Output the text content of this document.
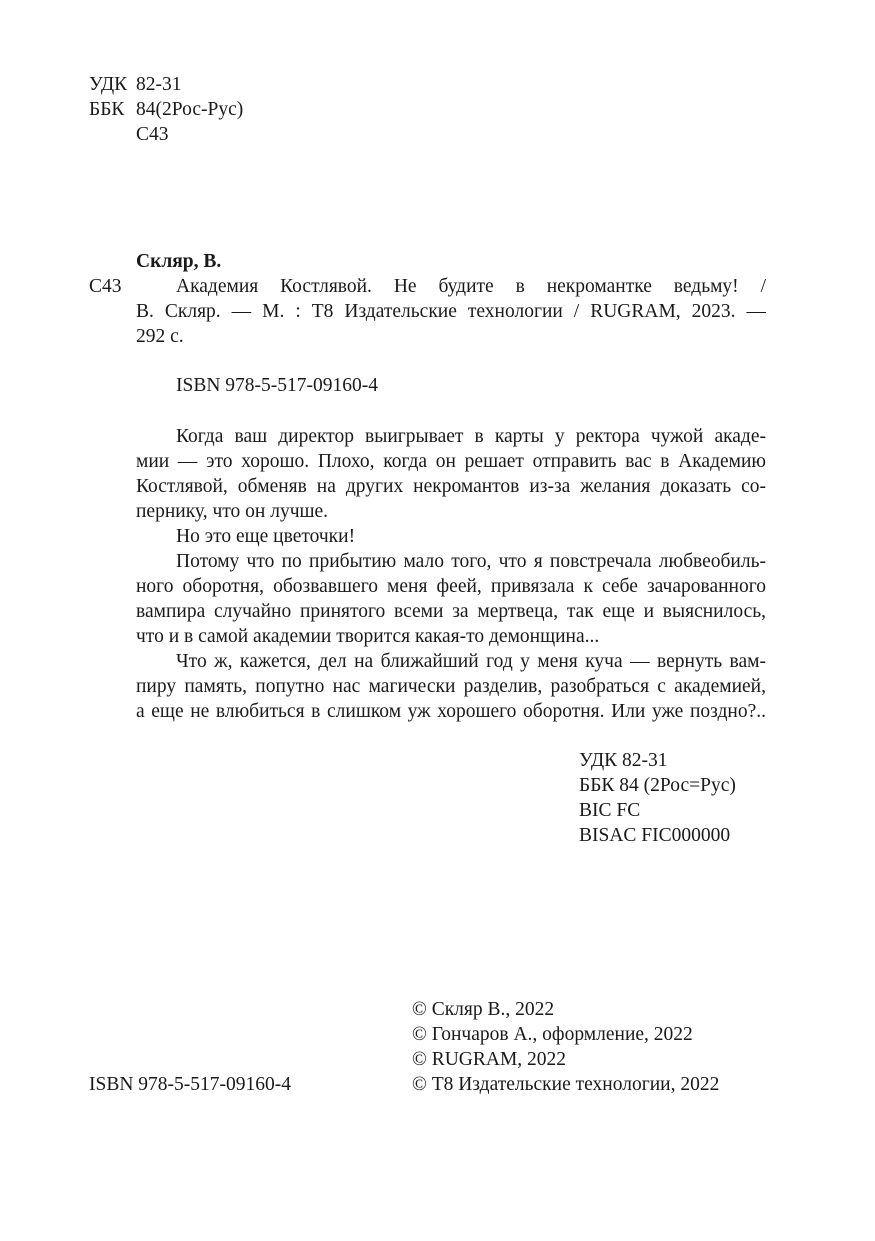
УДК 82-31
ББК 84(2Рос-Рус)
С43
Скляр, В.
С43	Академия Костлявой. Не будите в некромантке ведьму! /
В. Скляр. — М. : Т8 Издательские технологии / RUGRAM, 2023. —
292 с.
ISBN 978-5-517-09160-4
Когда ваш директор выигрывает в карты у ректора чужой акаде-
мии — это хорошо. Плохо, когда он решает отправить вас в Академию
Костлявой, обменяв на других некромантов из-за желания доказать со-
пернику, что он лучше.
Но это еще цветочки!
Потому что по прибытию мало того, что я повстречала любвеобиль-
ного оборотня, обозвавшего меня феей, привязала к себе зачарованного
вампира случайно принятого всеми за мертвеца, так еще и выяснилось,
что и в самой академии творится какая-то демонщина...
Что ж, кажется, дел на ближайший год у меня куча — вернуть вам-
пиру память, попутно нас магически разделив, разобраться с академией,
а еще не влюбиться в слишком уж хорошего оборотня. Или уже поздно?..
УДК 82-31
ББК 84 (2Рос=Рус)
BIC FC
BISAC FIC000000
© Скляр В., 2022
© Гончаров А., оформление, 2022
© RUGRAM, 2022
ISBN 978-5-517-09160-4	© Т8 Издательские технологии, 2022
